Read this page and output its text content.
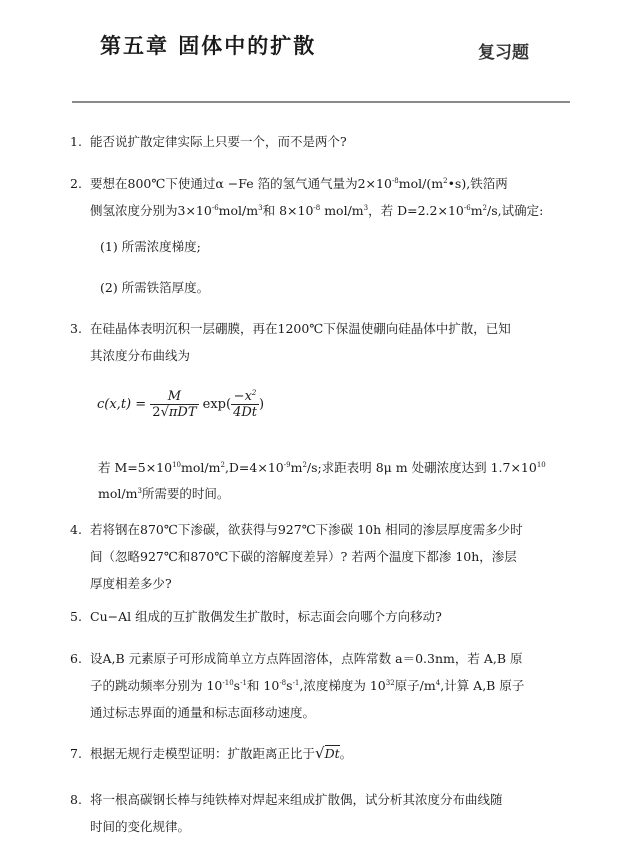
第五章 固体中的扩散	复习题
1. 能否说扩散定律实际上只要一个，而不是两个?
2. 要想在800℃下使通过α −Fe 箔的氢气通气量为$2\times 10^{-8}mol/(m^2•s)$,铁箔两
侧氢浓度分别为$3\times 10^{-6}mol/m^3$和 $8\times 10^{-8}$ mol/$m^3$，若 $D=2.2\times 10^{-6}m^2/s$,试确定:
(1) 所需浓度梯度;
(2) 所需铁箔厚度。
3. 在硅晶体表明沉积一层硼膜，再在1200℃下保温使硼向硅晶体中扩散，已知
其浓度分布曲线为
$c(x,t) = \frac{M}{\text{2√πDT}} \exp( \frac{-x^2}{4Dt}$ )
若 $M=5\times 10^{10}mol/m^2,D=4\times 10^{-9}m^2/s$;求距表明 8μ m 处硼浓度达到 $1.7\times 10^{10}$
mol/$m^3$所需要的时间。
4. 若将钢在870℃下渗碳，欲获得与927℃下渗碳 10h 相同的渗层厚度需多少时
间（忽略927℃和870℃下碳的溶解度差异）? 若两个温度下都渗 10h，渗层
厚度相差多少?
5. Cu−Al 组成的互扩散偶发生扩散时，标志面会向哪个方向移动?
6. 设A,B 元素原子可形成简单立方点阵固溶体，点阵常数 a＝0.3nm，若 A,B 原
子的跳动频率分别为 $10^{-10}s^{-1}$和 $10^{-8}s^{-1}$,浓度梯度为 $10^{32}$原子$/m^4$,计算 A,B 原子
通过标志界面的通量和标志面移动速度。
7. 根据无规行走模型证明：扩散距离正比于√Dt。
8. 将一根高碳钢长棒与纯铁棒对焊起来组成扩散偶，试分析其浓度分布曲线随
时间的变化规律。
